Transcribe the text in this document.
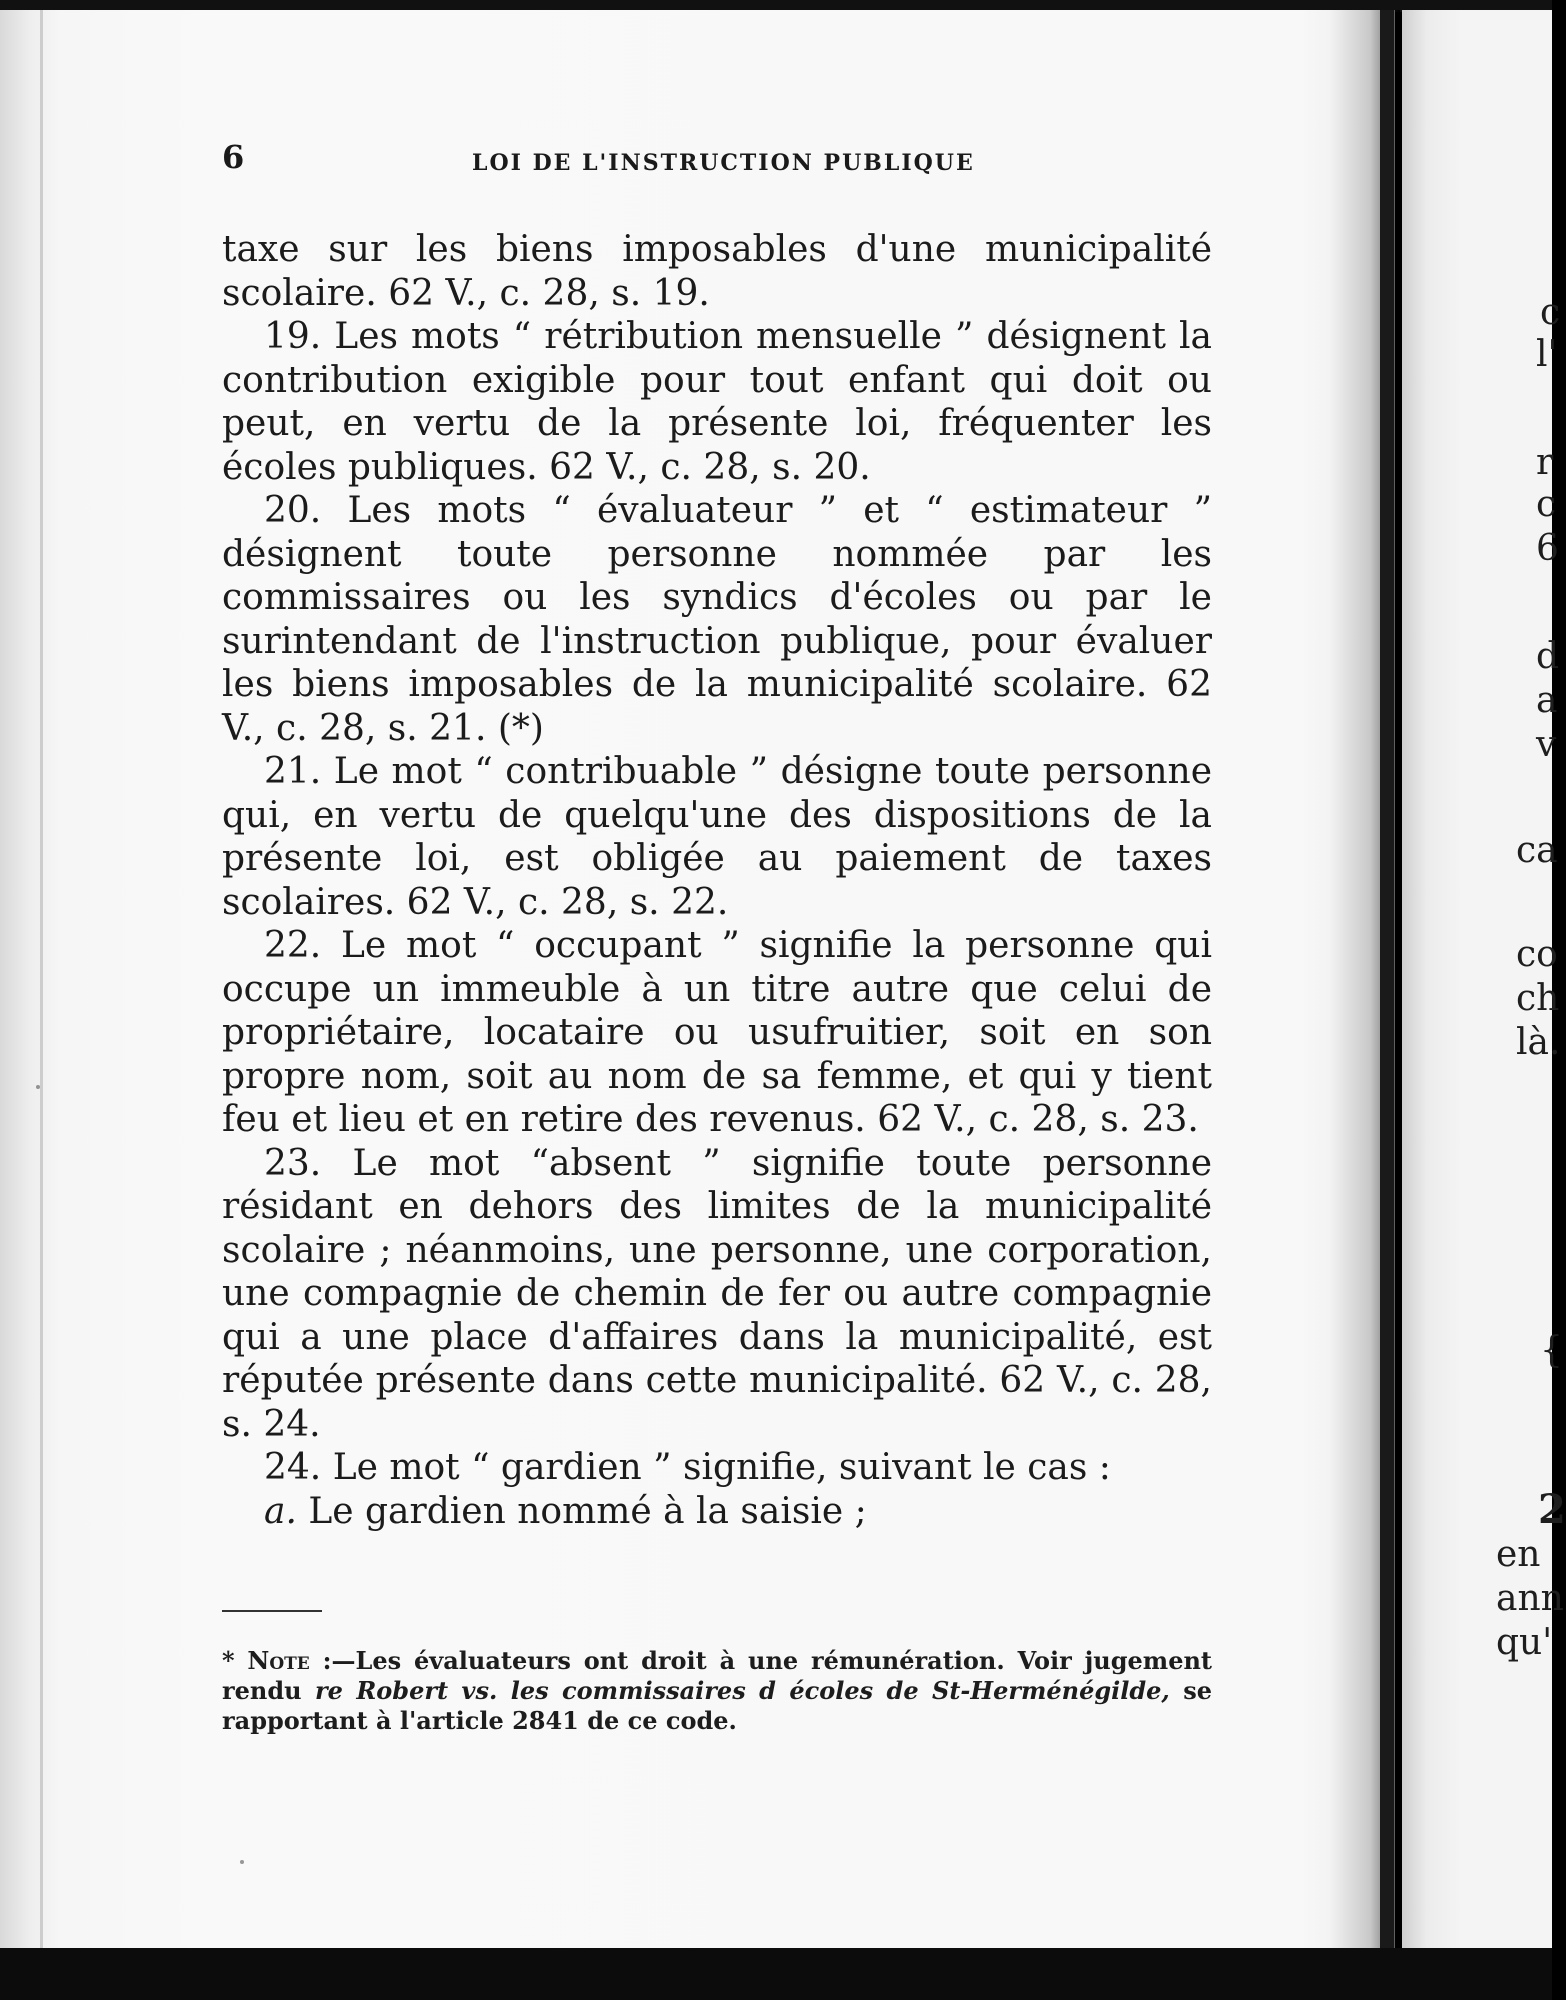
6	LOI DE L'INSTRUCTION PUBLIQUE

taxe sur les biens imposables d'une municipalité scolaire. 62 V., c. 28, s. 19.

19. Les mots “ rétribution mensuelle ” désignent la contribution exigible pour tout enfant qui doit ou peut, en vertu de la présente loi, fréquenter les écoles publiques. 62 V., c. 28, s. 20.

20. Les mots “ évaluateur ” et “ estimateur ” désignent toute personne nommée par les commissaires ou les syndics d'écoles ou par le surintendant de l'instruction publique, pour évaluer les biens imposables de la municipalité scolaire. 62 V., c. 28, s. 21. (*)

21. Le mot “ contribuable ” désigne toute personne qui, en vertu de quelqu'une des dispositions de la présente loi, est obligée au paiement de taxes scolaires. 62 V., c. 28, s. 22.

22. Le mot “ occupant ” signifie la personne qui occupe un immeuble à un titre autre que celui de propriétaire, locataire ou usufruitier, soit en son propre nom, soit au nom de sa femme, et qui y tient feu et lieu et en retire des revenus. 62 V., c. 28, s. 23.

23. Le mot “absent ” signifie toute personne résidant en dehors des limites de la municipalité scolaire ; néanmoins, une personne, une corporation, une compagnie de chemin de fer ou autre compagnie qui a une place d'affaires dans la municipalité, est réputée présente dans cette municipalité. 62 V., c. 28, s. 24.

24. Le mot “ gardien ” signifie, suivant le cas :

a. Le gardien nommé à la saisie ;

* Note :—Les évaluateurs ont droit à une rémunération. Voir jugement rendu re Robert vs. les commissaires d écoles de St-Herménégilde, se rapportant à l'article 2841 de ce code.
c
l'
r
c
6
d
a
v
ca
co
ch
là.
{
2
en
ann
qu'
